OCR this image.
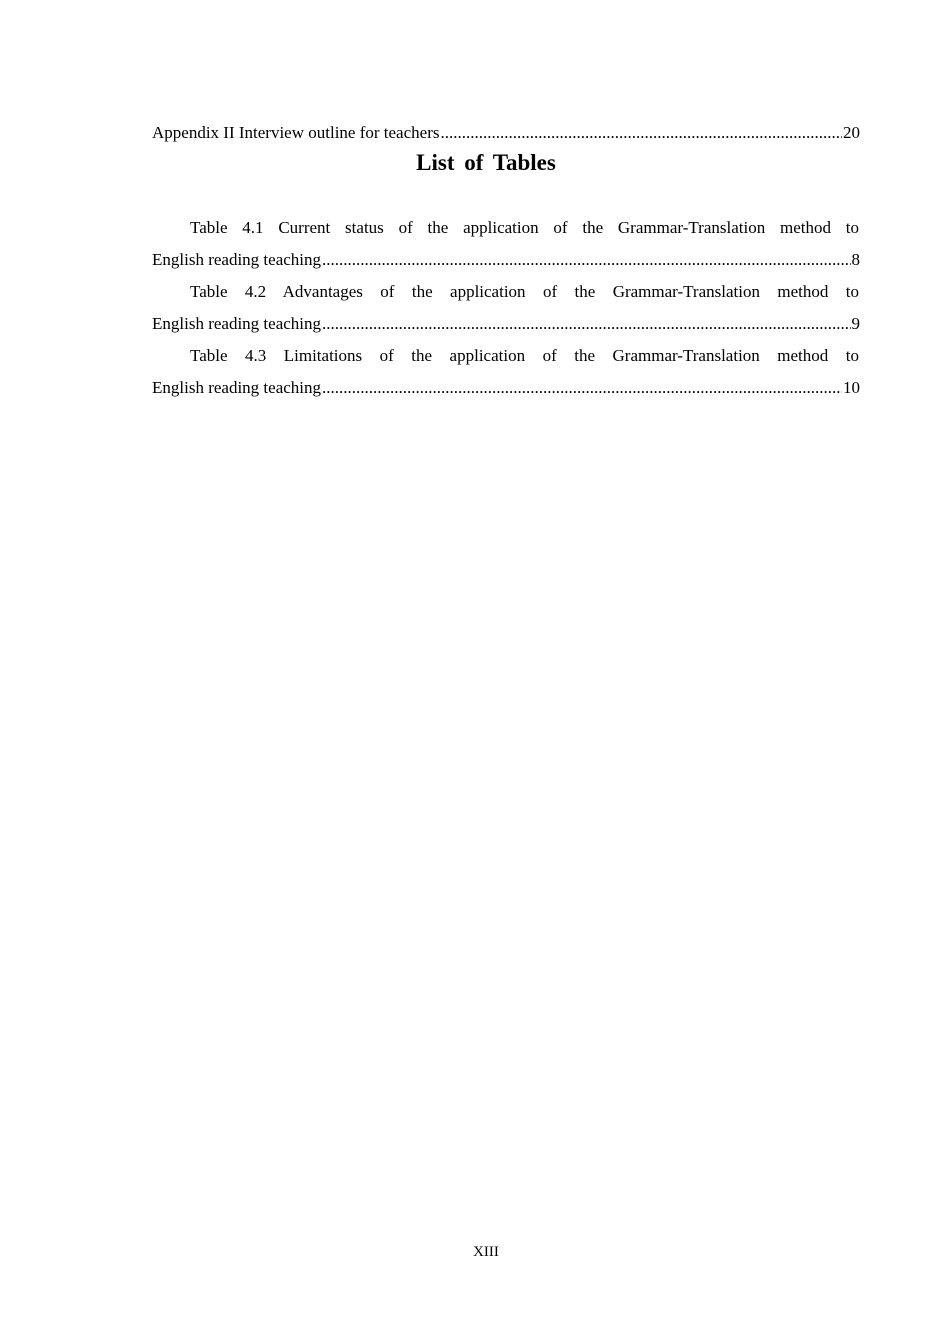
Appendix II Interview outline for teachers .....	20
List of Tables
Table 4.1 Current status of the application of the Grammar-Translation method to
English reading teaching .....	8
Table 4.2 Advantages of the application of the Grammar-Translation method to
English reading teaching .....	9
Table 4.3 Limitations of the application of the Grammar-Translation method to
English reading teaching .....	10
XIII
